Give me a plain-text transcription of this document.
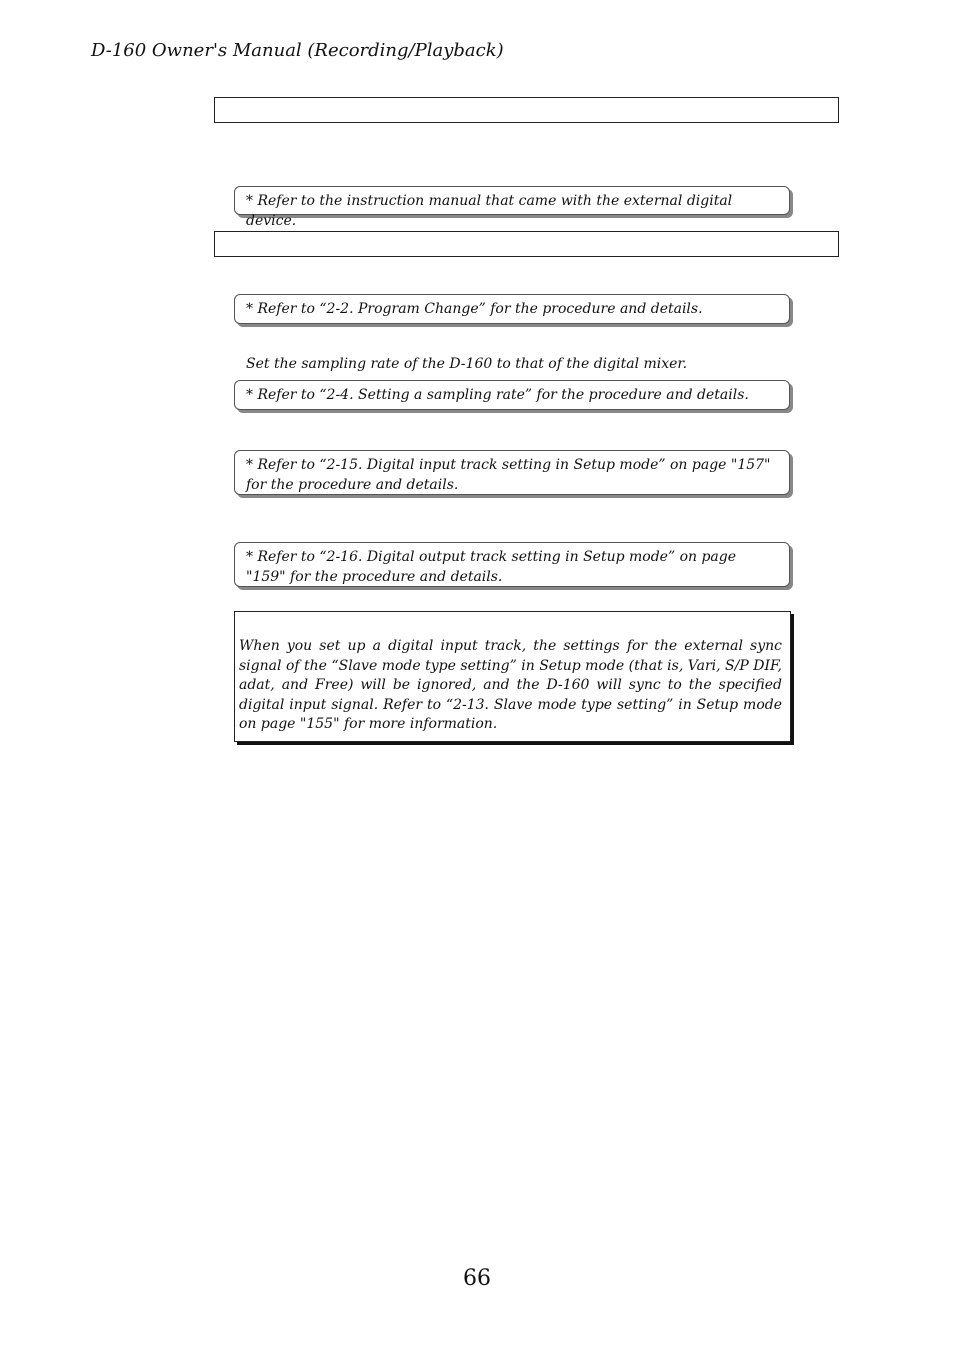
D-160 Owner's Manual (Recording/Playback)
* Refer to the instruction manual that came with the external digital device.
* Refer to “2-2. Program Change” for the procedure and details.
Set the sampling rate of the D-160 to that of the digital mixer.
* Refer to “2-4. Setting a sampling rate” for the procedure and details.
* Refer to “2-15. Digital input track setting in Setup mode” on page "157" for the procedure and details.
* Refer to “2-16. Digital output track setting in Setup mode” on page "159" for the procedure and details.
When you set up a digital input track, the settings for the external sync signal of the “Slave mode type setting” in Setup mode (that is, Vari, S/P DIF, adat, and Free) will be ignored, and the D-160 will sync to the specified digital input signal. Refer to “2-13. Slave mode type setting” in Setup mode on page "155" for more information.
66
